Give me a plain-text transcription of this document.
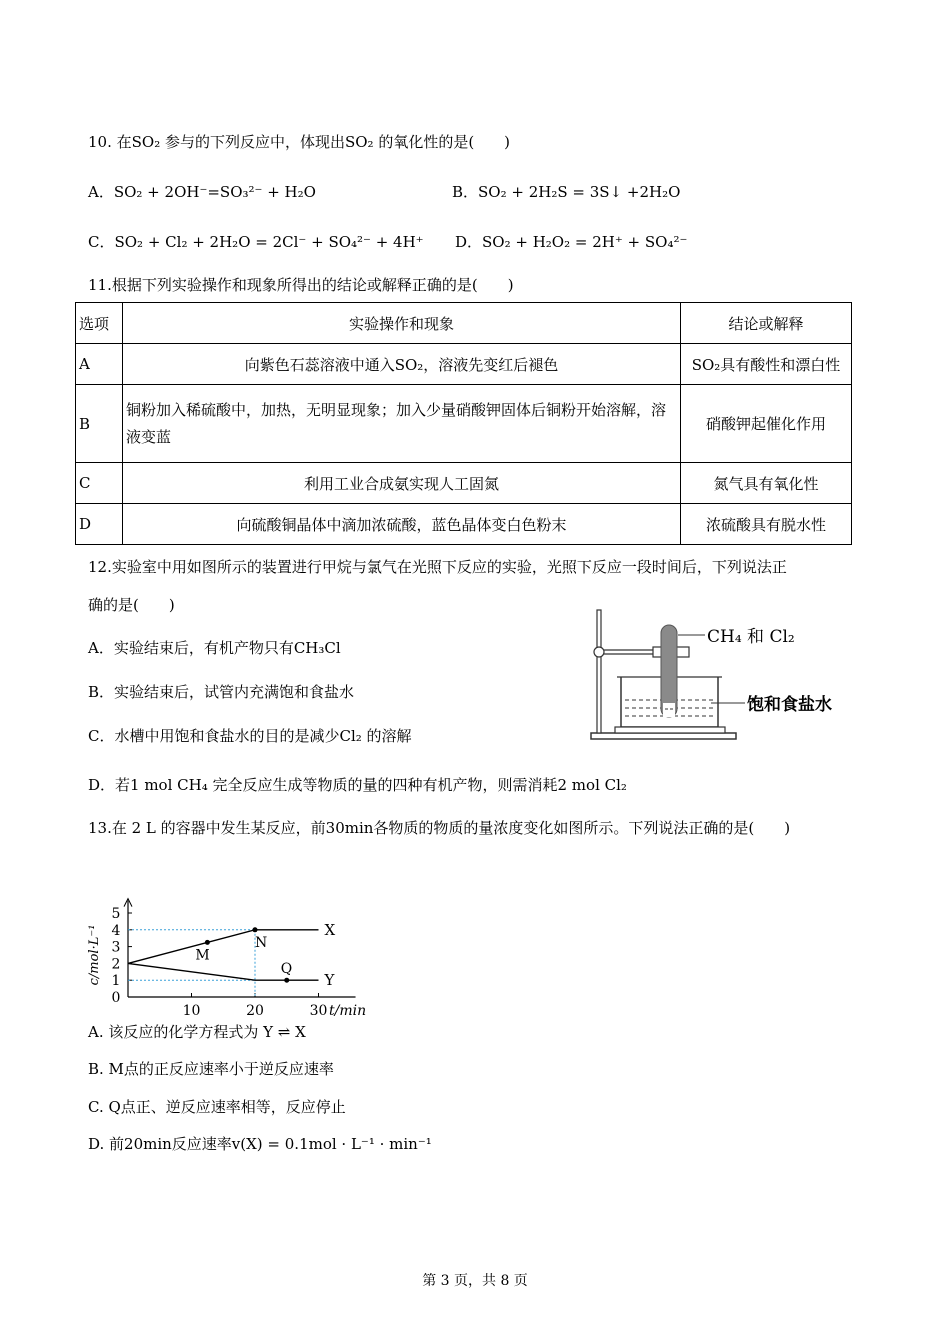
10. 在SO₂ 参与的下列反应中，体现出SO₂ 的氧化性的是(　　)
A．SO₂ + 2OH⁻=SO₃²⁻ + H₂O	B．SO₂ + 2H₂S = 3S↓ +2H₂O
C．SO₂ + Cl₂ + 2H₂O = 2Cl⁻ + SO₄²⁻ + 4H⁺ D．SO₂ + H₂O₂ = 2H⁺ + SO₄²⁻
11.根据下列实验操作和现象所得出的结论或解释正确的是(　　)
选项	实验操作和现象	结论或解释
A	向紫色石蕊溶液中通入SO₂，溶液先变红后褪色	SO₂具有酸性和漂白性
B	铜粉加入稀硫酸中，加热，无明显现象；加入少量硝酸钾固体后铜粉开始溶解，溶液变蓝	硝酸钾起催化作用
C	利用工业合成氨实现人工固氮	氮气具有氧化性
D	向硫酸铜晶体中滴加浓硫酸，蓝色晶体变白色粉末	浓硫酸具有脱水性
12.实验室中用如图所示的装置进行甲烷与氯气在光照下反应的实验，光照下反应一段时间后，下列说法正
确的是(　　)
A．实验结束后，有机产物只有CH₃Cl
B．实验结束后，试管内充满饱和食盐水
C．水槽中用饱和食盐水的目的是减少Cl₂ 的溶解
D．若1 mol CH₄ 完全反应生成等物质的量的四种有机产物，则需消耗2 mol Cl₂
CH₄ 和 Cl₂
饱和食盐水
13.在 2 L 的容器中发生某反应，前30min各物质的物质的量浓度变化如图所示。下列说法正确的是(　　)
0
1
2
3
4
5
10	20	30
c/mol·L⁻¹
t/min
X
Y
M
N
Q
A. 该反应的化学方程式为 Y ⇌ X
B. M点的正反应速率小于逆反应速率
C. Q点正、逆反应速率相等，反应停止
D. 前20min反应速率v(X) = 0.1mol · L⁻¹ · min⁻¹
第 3 页，共 8 页
